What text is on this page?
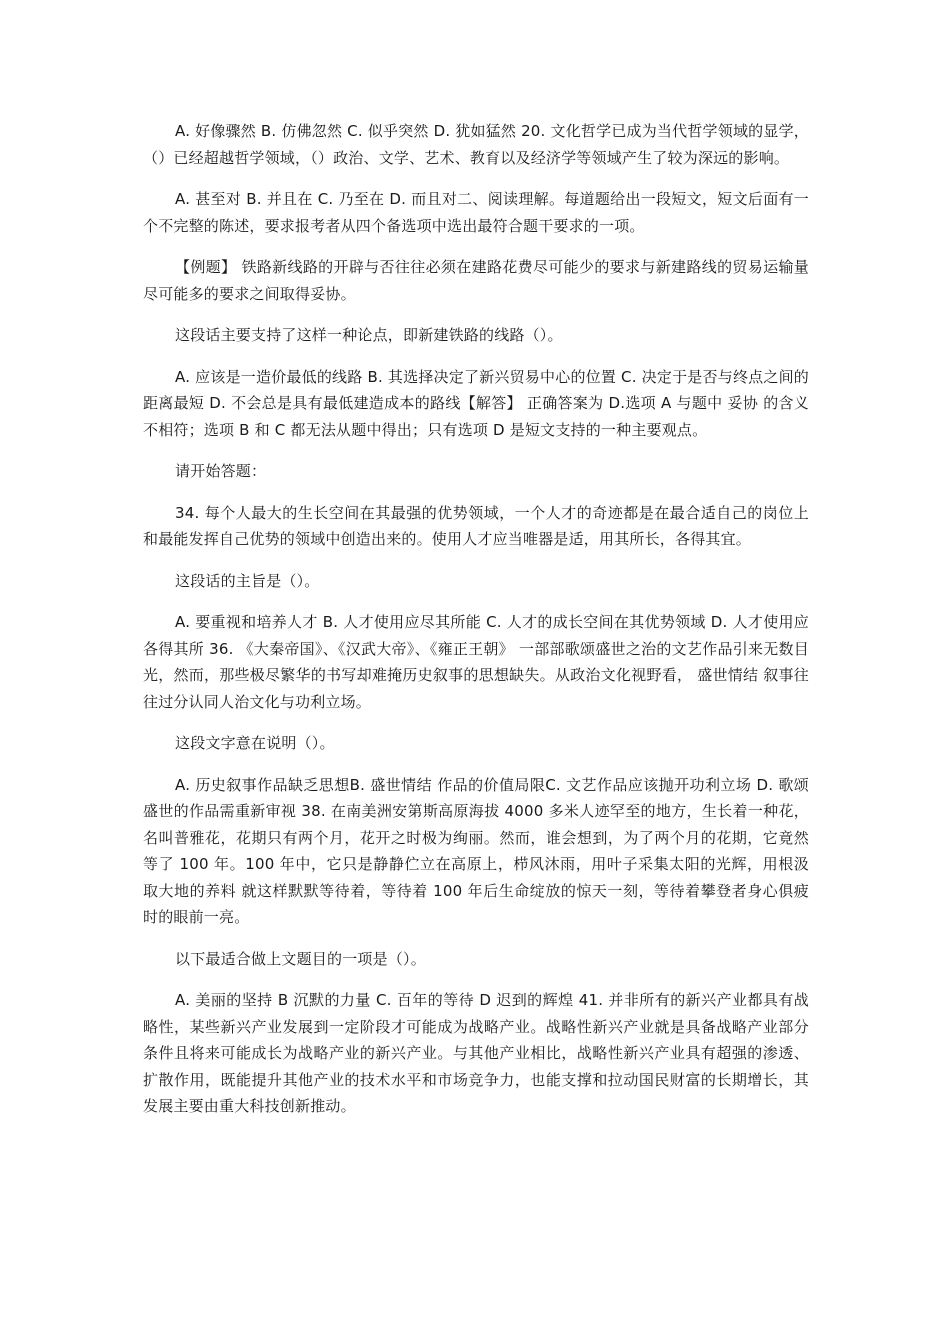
A. 好像骤然 B. 仿佛忽然 C. 似乎突然 D. 犹如猛然 20. 文化哲学已成为当代哲学领域的显学，（）已经超越哲学领域，（）政治、文学、艺术、教育以及经济学等领域产生了较为深远的影响。

A. 甚至对 B. 并且在 C. 乃至在 D. 而且对二、阅读理解。每道题给出一段短文，短文后面有一个不完整的陈述，要求报考者从四个备选项中选出最符合题干要求的一项。

【例题】 铁路新线路的开辟与否往往必须在建路花费尽可能少的要求与新建路线的贸易运输量尽可能多的要求之间取得妥协。

这段话主要支持了这样一种论点，即新建铁路的线路（）。

A. 应该是一造价最低的线路 B. 其选择决定了新兴贸易中心的位置 C. 决定于是否与终点之间的距离最短 D. 不会总是具有最低建造成本的路线【解答】 正确答案为 D.选项 A 与题中 妥协 的含义不相符；选项 B 和 C 都无法从题中得出；只有选项 D 是短文支持的一种主要观点。

请开始答题：

34. 每个人最大的生长空间在其最强的优势领域，一个人才的奇迹都是在最合适自己的岗位上和最能发挥自己优势的领域中创造出来的。使用人才应当唯器是适，用其所长，各得其宜。

这段话的主旨是（）。

A. 要重视和培养人才 B. 人才使用应尽其所能 C. 人才的成长空间在其优势领域 D. 人才使用应各得其所 36. 《大秦帝国》、《汉武大帝》、《雍正王朝》 一部部歌颂盛世之治的文艺作品引来无数目光，然而，那些极尽繁华的书写却难掩历史叙事的思想缺失。从政治文化视野看， 盛世情结 叙事往往过分认同人治文化与功利立场。

这段文字意在说明（）。

A. 历史叙事作品缺乏思想B. 盛世情结 作品的价值局限C. 文艺作品应该抛开功利立场 D. 歌颂盛世的作品需重新审视 38. 在南美洲安第斯高原海拔 4000 多米人迹罕至的地方，生长着一种花，名叫普雅花，花期只有两个月，花开之时极为绚丽。然而，谁会想到，为了两个月的花期，它竟然等了 100 年。100 年中，它只是静静伫立在高原上，栉风沐雨，用叶子采集太阳的光辉，用根汲取大地的养料 就这样默默等待着，等待着 100 年后生命绽放的惊天一刻，等待着攀登者身心俱疲时的眼前一亮。

以下最适合做上文题目的一项是（）。

A. 美丽的坚持 B 沉默的力量 C. 百年的等待 D 迟到的辉煌 41. 并非所有的新兴产业都具有战略性，某些新兴产业发展到一定阶段才可能成为战略产业。战略性新兴产业就是具备战略产业部分条件且将来可能成长为战略产业的新兴产业。与其他产业相比，战略性新兴产业具有超强的渗透、扩散作用，既能提升其他产业的技术水平和市场竞争力，也能支撑和拉动国民财富的长期增长，其发展主要由重大科技创新推动。
